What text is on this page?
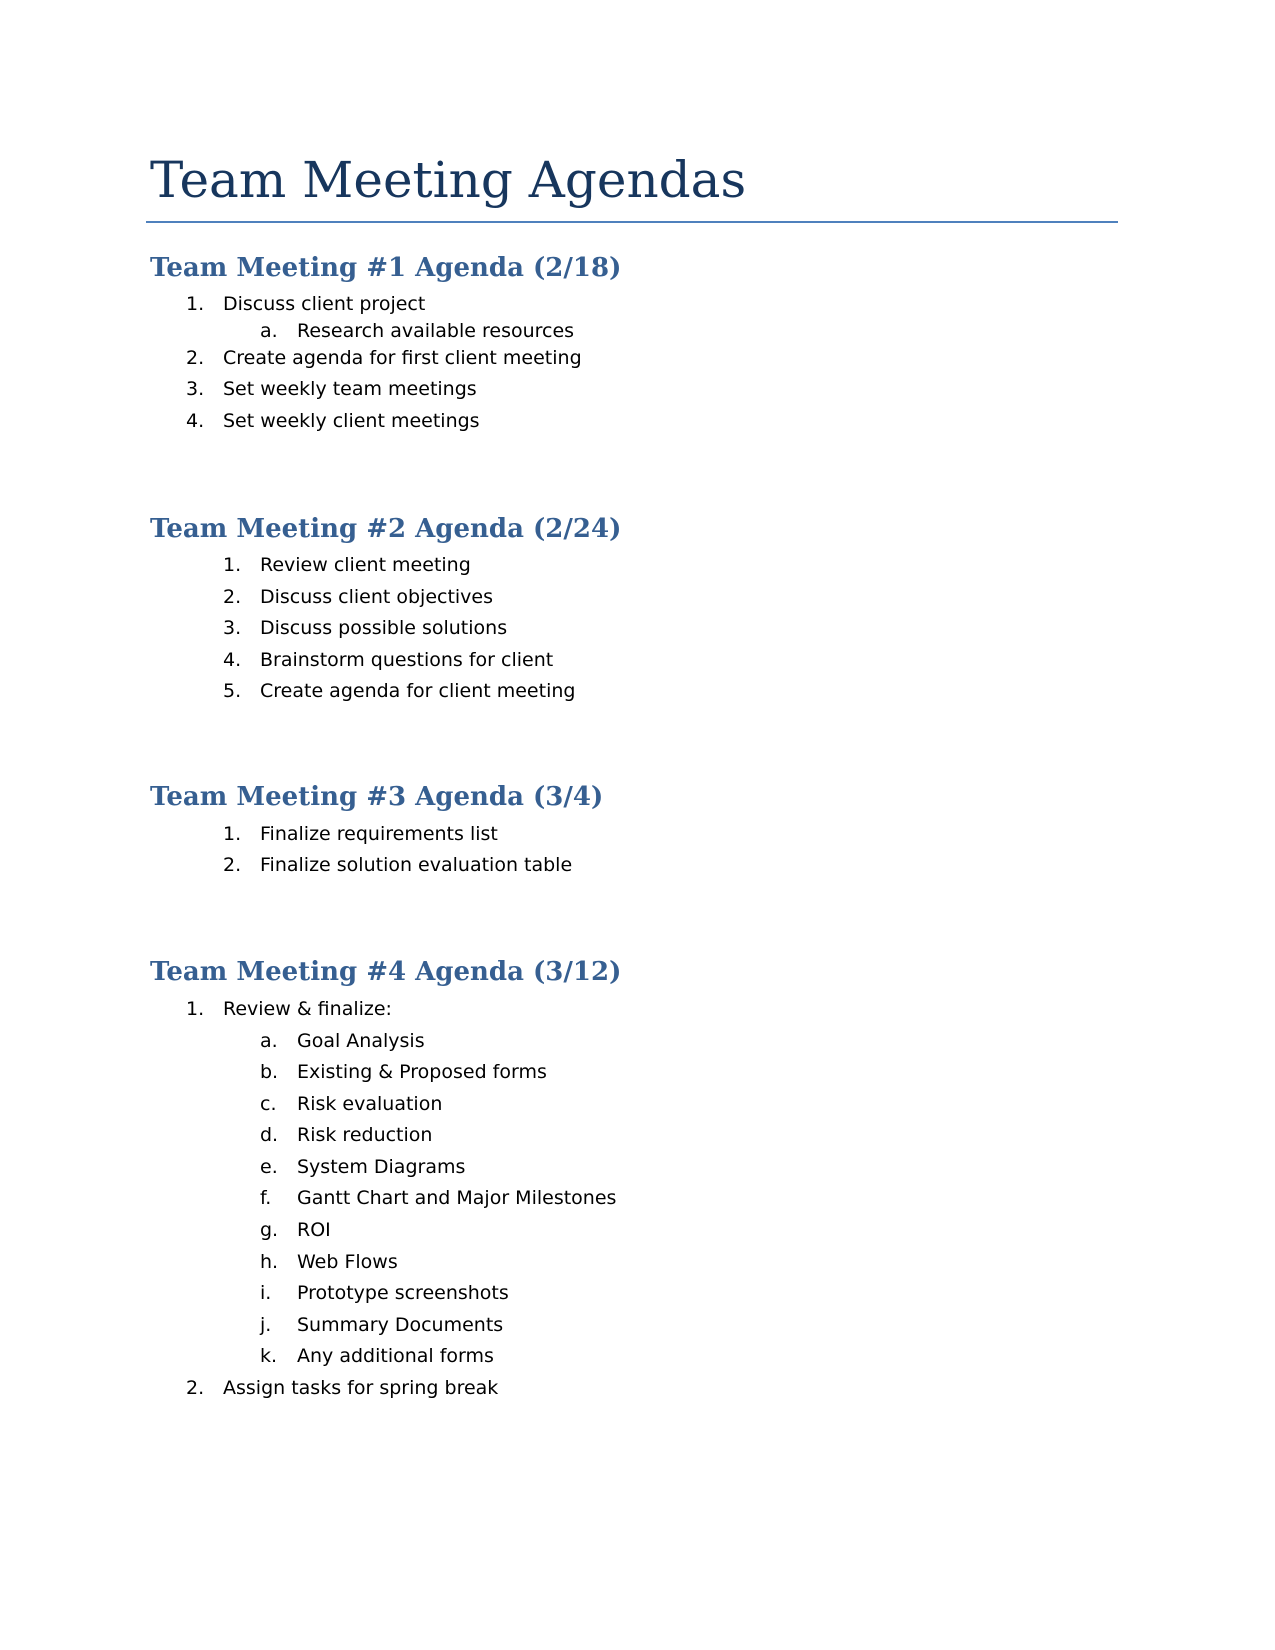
Team Meeting Agendas
Team Meeting #1 Agenda (2/18)
1. Discuss client project
a. Research available resources
2. Create agenda for first client meeting
3. Set weekly team meetings
4. Set weekly client meetings
Team Meeting #2 Agenda (2/24)
1. Review client meeting
2. Discuss client objectives
3. Discuss possible solutions
4. Brainstorm questions for client
5. Create agenda for client meeting
Team Meeting #3 Agenda (3/4)
1. Finalize requirements list
2. Finalize solution evaluation table
Team Meeting #4 Agenda (3/12)
1. Review & finalize:
a. Goal Analysis
b. Existing & Proposed forms
c. Risk evaluation
d. Risk reduction
e. System Diagrams
f. Gantt Chart and Major Milestones
g. ROI
h. Web Flows
i. Prototype screenshots
j. Summary Documents
k. Any additional forms
2. Assign tasks for spring break
